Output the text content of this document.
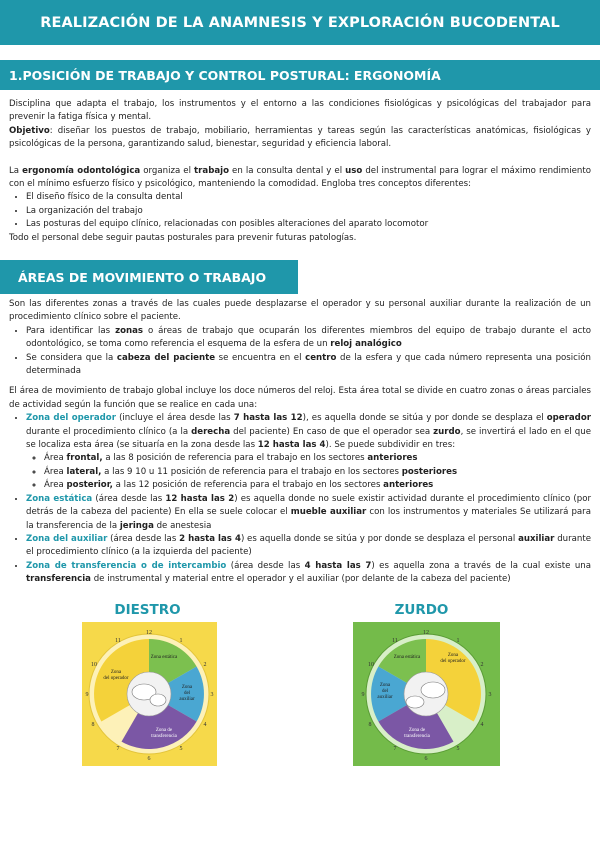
REALIZACIÓN DE LA ANAMNESIS Y EXPLORACIÓN BUCODENTAL
1.POSICIÓN DE TRABAJO Y CONTROL POSTURAL: ERGONOMÍA

Disciplina que adapta el trabajo, los instrumentos y el entorno a las condiciones fisiológicas y psicológicas del trabajador para prevenir la fatiga física y mental.

Objetivo: diseñar los puestos de trabajo, mobiliario, herramientas y tareas según las características anatómicas, fisiológicas y psicológicas de la persona, garantizando salud, bienestar, seguridad y eficiencia laboral.

La ergonomía odontológica organiza el trabajo en la consulta dental y el uso del instrumental para lograr el máximo rendimiento con el mínimo esfuerzo físico y psicológico, manteniendo la comodidad. Engloba tres conceptos diferentes:

• El diseño físico de la consulta dental
• La organización del trabajo
• Las posturas del equipo clínico, relacionadas con posibles alteraciones del aparato locomotor

Todo el personal debe seguir pautas posturales para prevenir futuras patologías.

ÁREAS DE MOVIMIENTO O TRABAJO

Son las diferentes zonas a través de las cuales puede desplazarse el operador y su personal auxiliar durante la realización de un procedimiento clínico sobre el paciente.

• Para identificar las zonas o áreas de trabajo que ocuparán los diferentes miembros del equipo de trabajo durante el acto odontológico, se toma como referencia el esquema de la esfera de un reloj analógico
• Se considera que la cabeza del paciente se encuentra en el centro de la esfera y que cada número representa una posición determinada

El área de movimiento de trabajo global incluye los doce números del reloj. Esta área total se divide en cuatro zonas o áreas parciales de actividad según la función que se realice en cada una:

• Zona del operador (incluye el área desde las 7 hasta las 12), es aquella donde se sitúa y por donde se desplaza el operador durante el procedimiento clínico (a la derecha del paciente) En caso de que el operador sea zurdo, se invertirá el lado en el que se localiza esta área (se situaría en la zona desde las 12 hasta las 4). Se puede subdividir en tres:
◦ Área frontal, a las 8 posición de referencia para el trabajo en los sectores anteriores
◦ Área lateral, a las 9 10 u 11 posición de referencia para el trabajo en los sectores posteriores
◦ Área posterior, a las 12 posición de referencia para el trabajo en los sectores anteriores
• Zona estática (área desde las 12 hasta las 2) es aquella donde no suele existir actividad durante el procedimiento clínico (por detrás de la cabeza del paciente) En ella se suele colocar el mueble auxiliar con los instrumentos y materiales Se utilizará para la transferencia de la jeringa de anestesia
• Zona del auxiliar (área desde las 2 hasta las 4) es aquella donde se sitúa y por donde se desplaza el personal auxiliar durante el procedimiento clínico (a la izquierda del paciente)
• Zona de transferencia o de intercambio (área desde las 4 hasta las 7) es aquella zona a través de la cual existe una transferencia de instrumental y material entre el operador y el auxiliar (por delante de la cabeza del paciente)
DIESTRO	ZURDO
12
1
2
3
4
5
6
7
8
9
10
11
Zona estática
Zona
del operador
Zona
del
auxiliar
Zona de
transferencia
12
1
2
3
4
5
6
7
8
9
10
11
Zona estática	Zona
del operador
Zona
del
auxiliar
Zona de
transferencia
